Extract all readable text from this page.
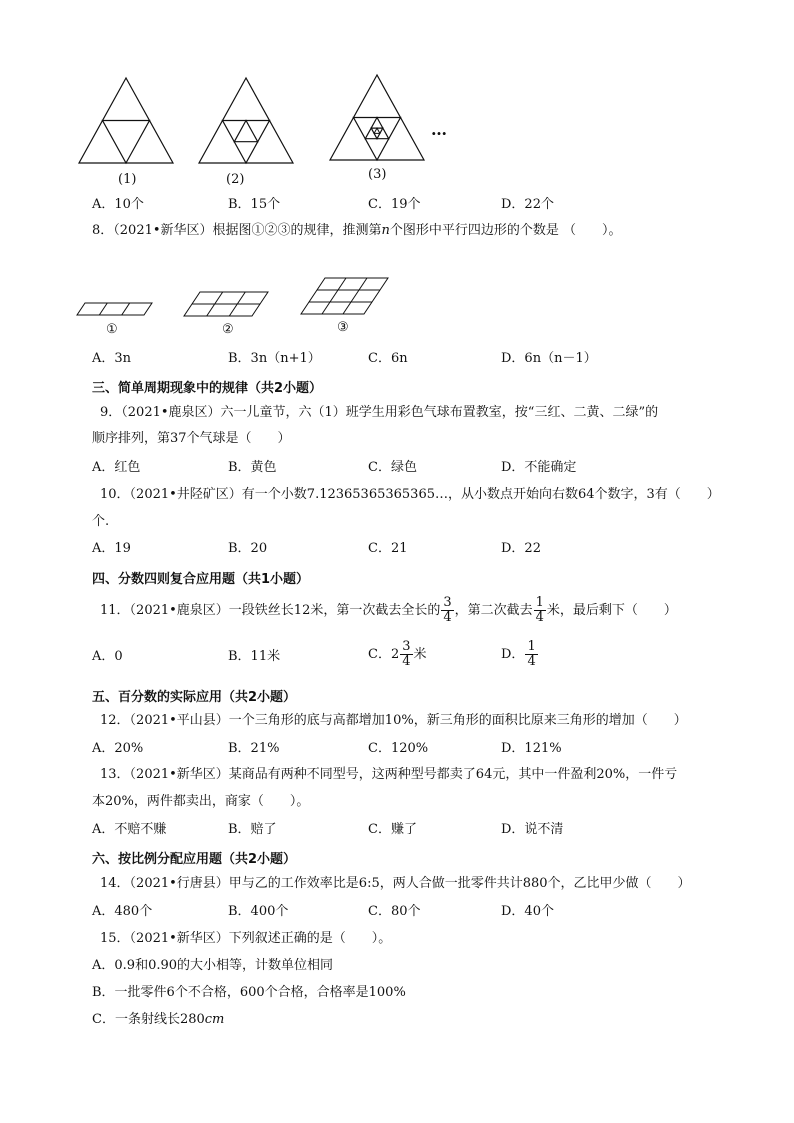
(1)	(2)	(3)
…
A．10个	B．15个	C．19个	D．22个
8．（2021•新华区）根据图①②③的规律，推测第n个图形中平行四边形的个数是 （　　）。
①	②	③
A．3n	B．3n（n+1）	C．6n	D．6n（n－1）
三、简单周期现象中的规律（共2小题）
9．（2021•鹿泉区）六一儿童节，六（1）班学生用彩色气球布置教室，按“三红、二黄、二绿”的
顺序排列，第37个气球是（　　）
A．红色	B．黄色	C．绿色	D．不能确定
10．（2021•井陉矿区）有一个小数7.12365365365365…，从小数点开始向右数64个数字，3有（　　）
个.
A．19	B．20	C．21	D．22
四、分数四则复合应用题（共1小题）
11．（2021•鹿泉区）一段铁丝长12米，第一次截去全长的 $\frac{3}{4}$ ，第二次截去 $\frac{1}{4}$ 米，最后剩下（　　）
A．0	B．11米	C．$2 \frac{3}{4}$ 米	D． $\frac{1}{4}$
五、百分数的实际应用（共2小题）
12．（2021•平山县）一个三角形的底与高都增加10%，新三角形的面积比原来三角形的增加（　　）
A．20%	B．21%	C．120%	D．121%
13．（2021•新华区）某商品有两种不同型号，这两种型号都卖了64元，其中一件盈利20%，一件亏
本20%，两件都卖出，商家（　　）。
A．不赔不赚	B．赔了	C．赚了	D．说不清
六、按比例分配应用题（共2小题）
14．（2021•行唐县）甲与乙的工作效率比是6:5，两人合做一批零件共计880个，乙比甲少做（　　）
A．480个	B．400个	C．80个	D．40个
15．（2021•新华区）下列叙述正确的是（　　）。
A．0.9和0.90的大小相等，计数单位相同
B．一批零件6个不合格，600个合格，合格率是100%
C．一条射线长280cm
